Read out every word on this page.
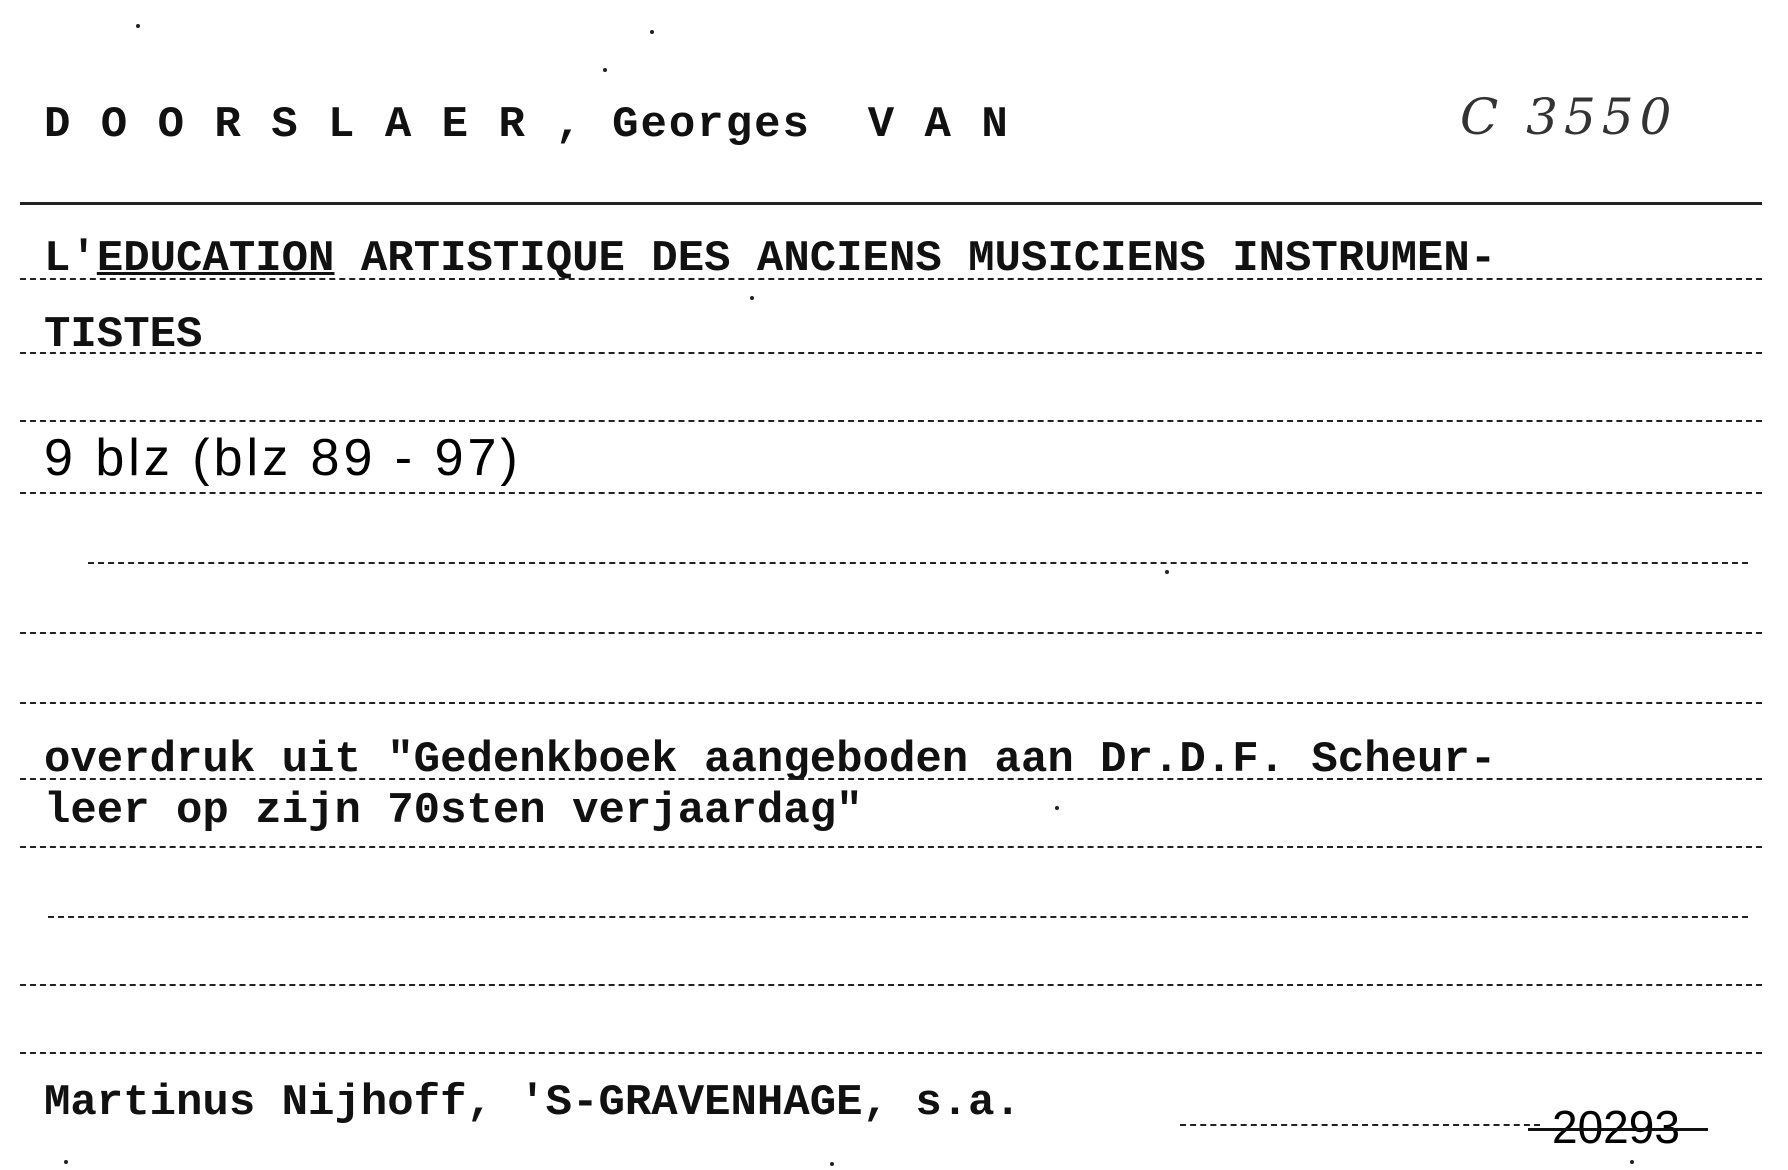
D O O R S L A E R , Georges  V A N	C 3550
L'EDUCATION ARTISTIQUE DES ANCIENS MUSICIENS INSTRUMEN-
TISTES
9 blz (blz 89 - 97)
overdruk uit "Gedenkboek aangeboden aan Dr.D.F. Scheur-
leer op zijn 70sten verjaardag"
Martinus Nijhoff, 'S-GRAVENHAGE, s.a.	20293
